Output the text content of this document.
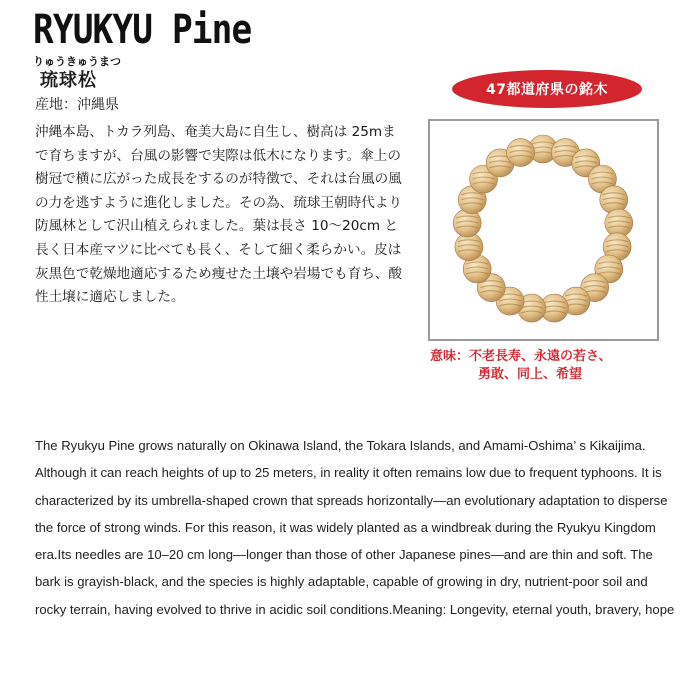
RYUKYU Pine
りゅうきゅうまつ
琉球松
産地：沖縄県

沖縄本島、トカラ列島、奄美大島に自生し、樹高は 25mまで育ちますが、台風の影響で実際は低木になります。傘上の樹冠で横に広がった成長をするのが特徴で、それは台風の風の力を逃すように進化しました。その為、琉球王朝時代より防風林として沢山植えられました。葉は長さ 10〜20cm と長く日本産マツに比べても長く、そして細く柔らかい。皮は灰黒色で乾燥地適応するため痩せた土壌や岩場でも育ち、酸性土壌に適応しました。

47都道府県の銘木
意味：不老長寿、永遠の若さ、
勇敢、同上、希望

The Ryukyu Pine grows naturally on Okinawa Island, the Tokara Islands, and Amami-Oshima’ s Kikaijima. Although it can reach heights of up to 25 meters, in reality it often remains low due to frequent typhoons. It is characterized by its umbrella-shaped crown that spreads horizontally—an evolutionary adaptation to disperse the force of strong winds. For this reason, it was widely planted as a windbreak during the Ryukyu Kingdom era.Its needles are 10–20 cm long—longer than those of other Japanese pines—and are thin and soft. The bark is grayish-black, and the species is highly adaptable, capable of growing in dry, nutrient-poor soil and rocky terrain, having evolved to thrive in acidic soil conditions.Meaning: Longevity, eternal youth, bravery, hope
